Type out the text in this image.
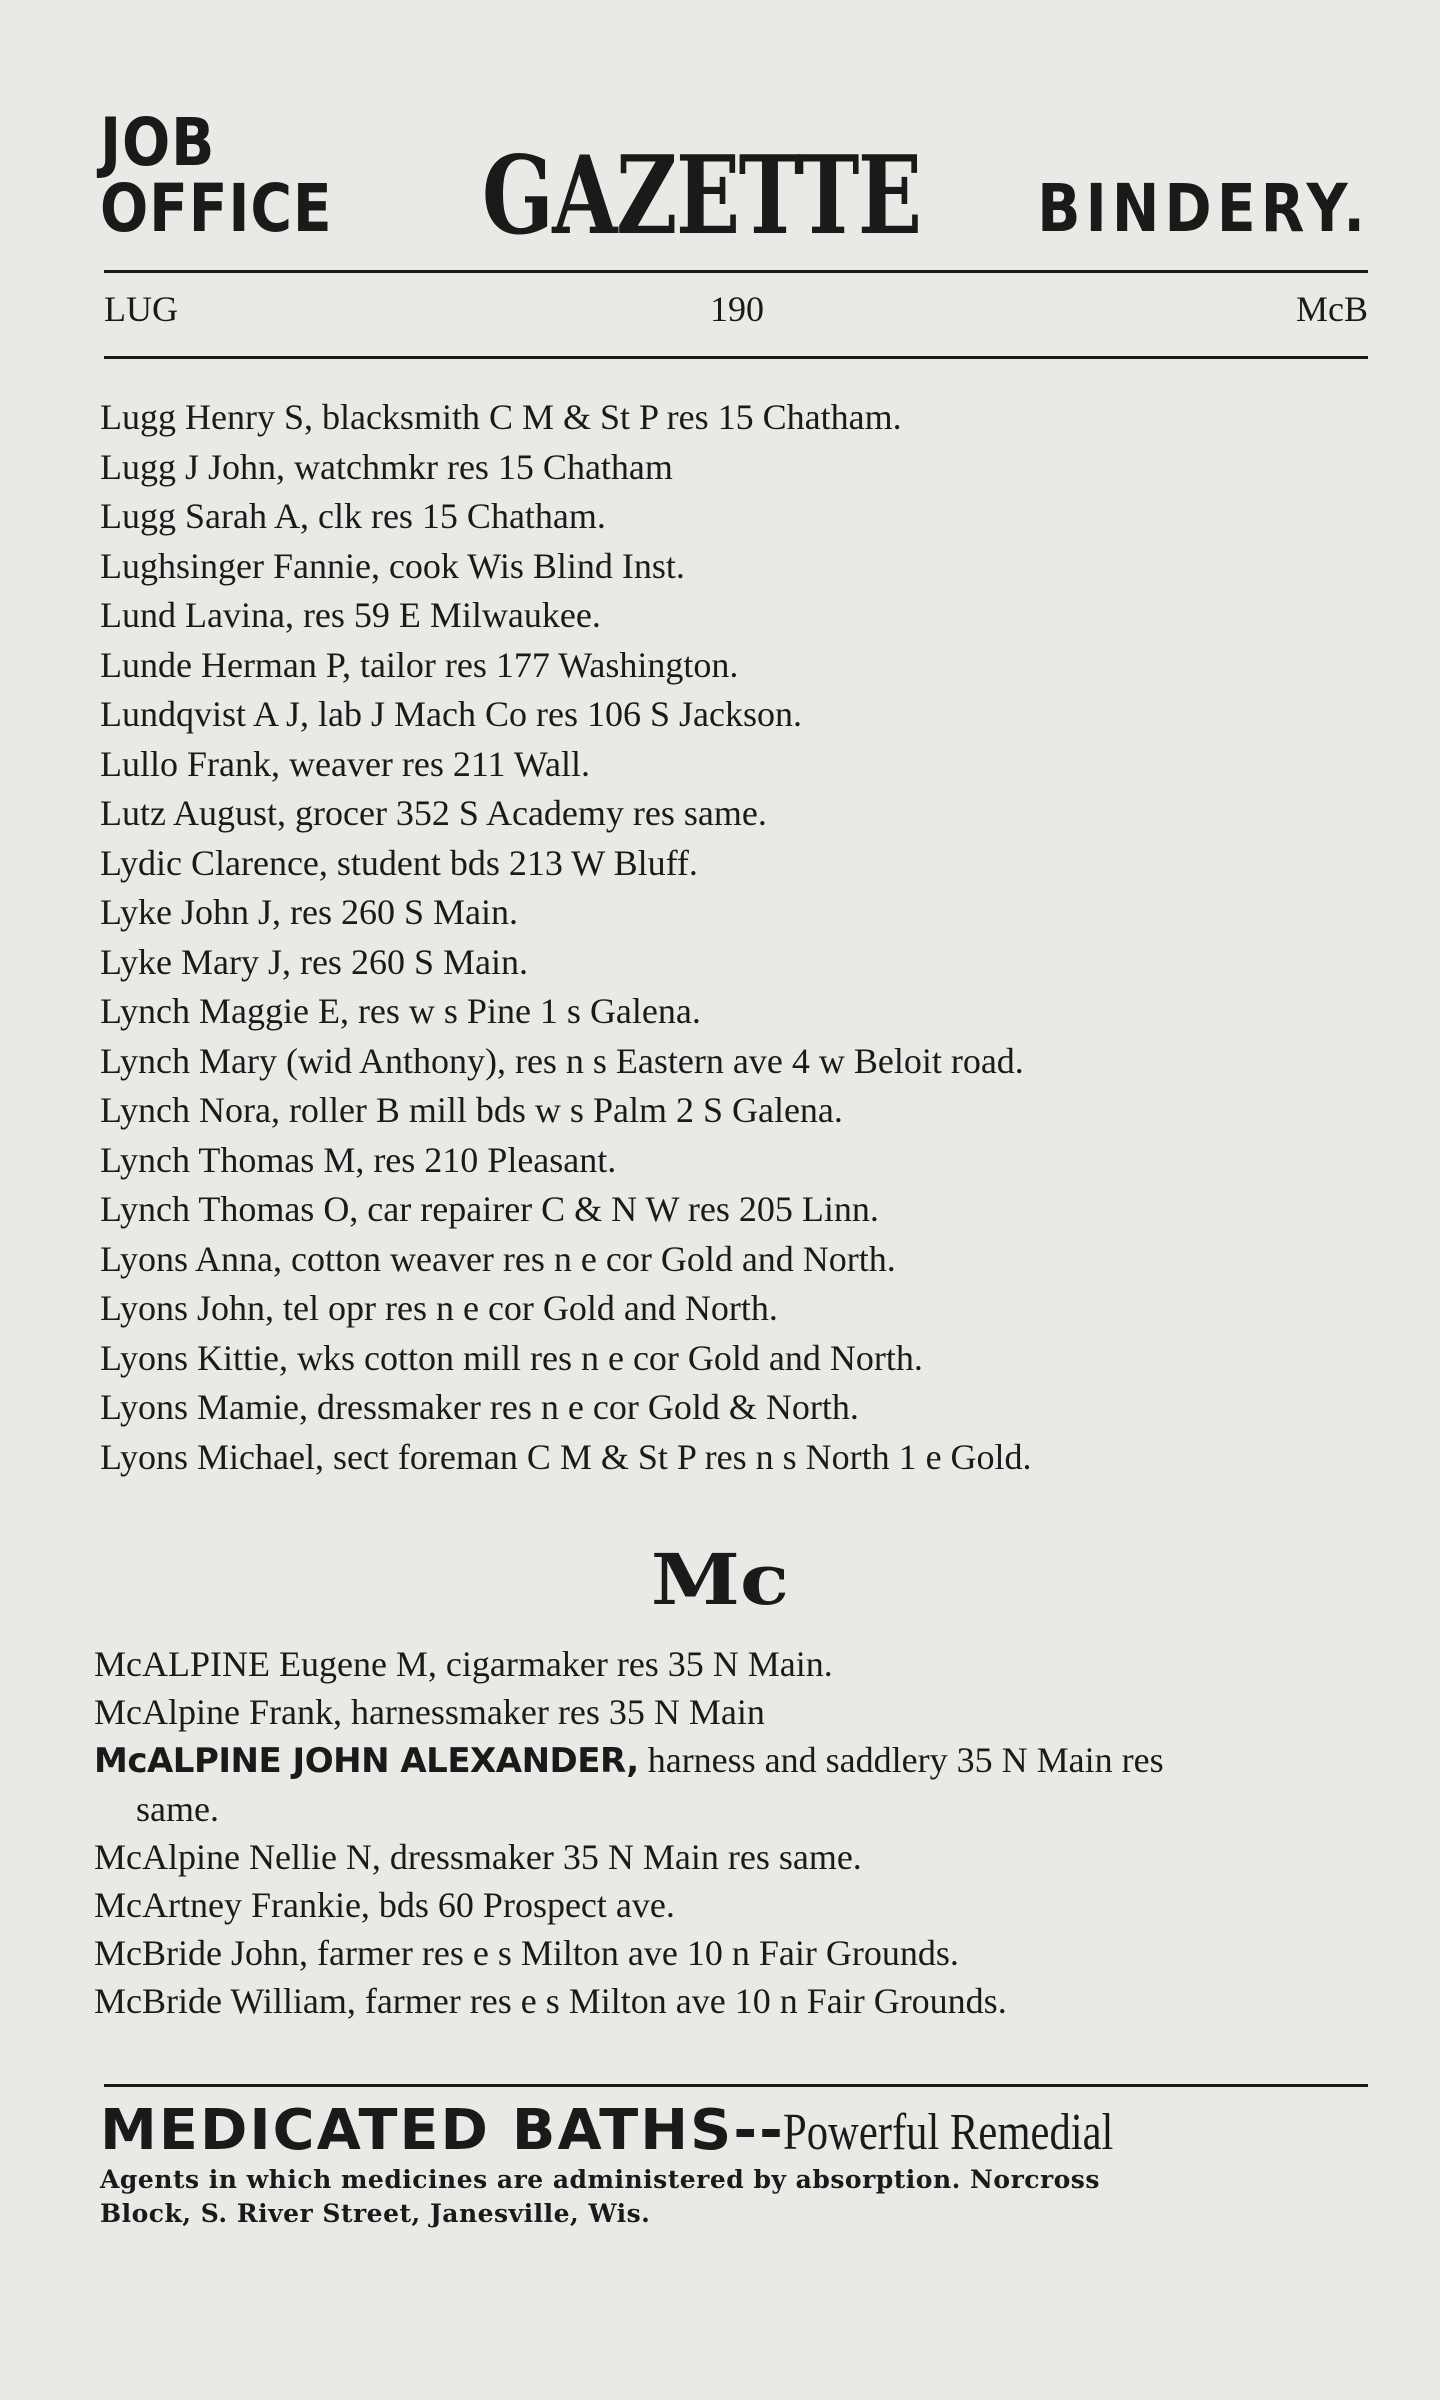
JOB OFFICE	GAZETTE BINDERY.
LUG	190	McB
Lugg Henry S, blacksmith C M & St P res 15 Chatham.
Lugg J John, watchmkr res 15 Chatham
Lugg Sarah A, clk res 15 Chatham.
Lughsinger Fannie, cook Wis Blind Inst.
Lund Lavina, res 59 E Milwaukee.
Lunde Herman P, tailor res 177 Washington.
Lundqvist A J, lab J Mach Co res 106 S Jackson.
Lullo Frank, weaver res 211 Wall.
Lutz August, grocer 352 S Academy res same.
Lydic Clarence, student bds 213 W Bluff.
Lyke John J, res 260 S Main.
Lyke Mary J, res 260 S Main.
Lynch Maggie E, res w s Pine 1 s Galena.
Lynch Mary (wid Anthony), res n s Eastern ave 4 w Beloit road.
Lynch Nora, roller B mill bds w s Palm 2 S Galena.
Lynch Thomas M, res 210 Pleasant.
Lynch Thomas O, car repairer C & N W res 205 Linn.
Lyons Anna, cotton weaver res n e cor Gold and North.
Lyons John, tel opr res n e cor Gold and North.
Lyons Kittie, wks cotton mill res n e cor Gold and North.
Lyons Mamie, dressmaker res n e cor Gold & North.
Lyons Michael, sect foreman C M & St P res n s North 1 e Gold.
Mc
McALPINE Eugene M, cigarmaker res 35 N Main.
McAlpine Frank, harnessmaker res 35 N Main
McALPINE JOHN ALEXANDER, harness and saddlery 35 N Main res
same.
McAlpine Nellie N, dressmaker 35 N Main res same.
McArtney Frankie, bds 60 Prospect ave.
McBride John, farmer res e s Milton ave 10 n Fair Grounds.
McBride William, farmer res e s Milton ave 10 n Fair Grounds.
MEDICATED BATHS--
Powerful Remedial
Agents in which medicines are administered by absorption. Norcross
Block, S. River Street, Janesville, Wis.
